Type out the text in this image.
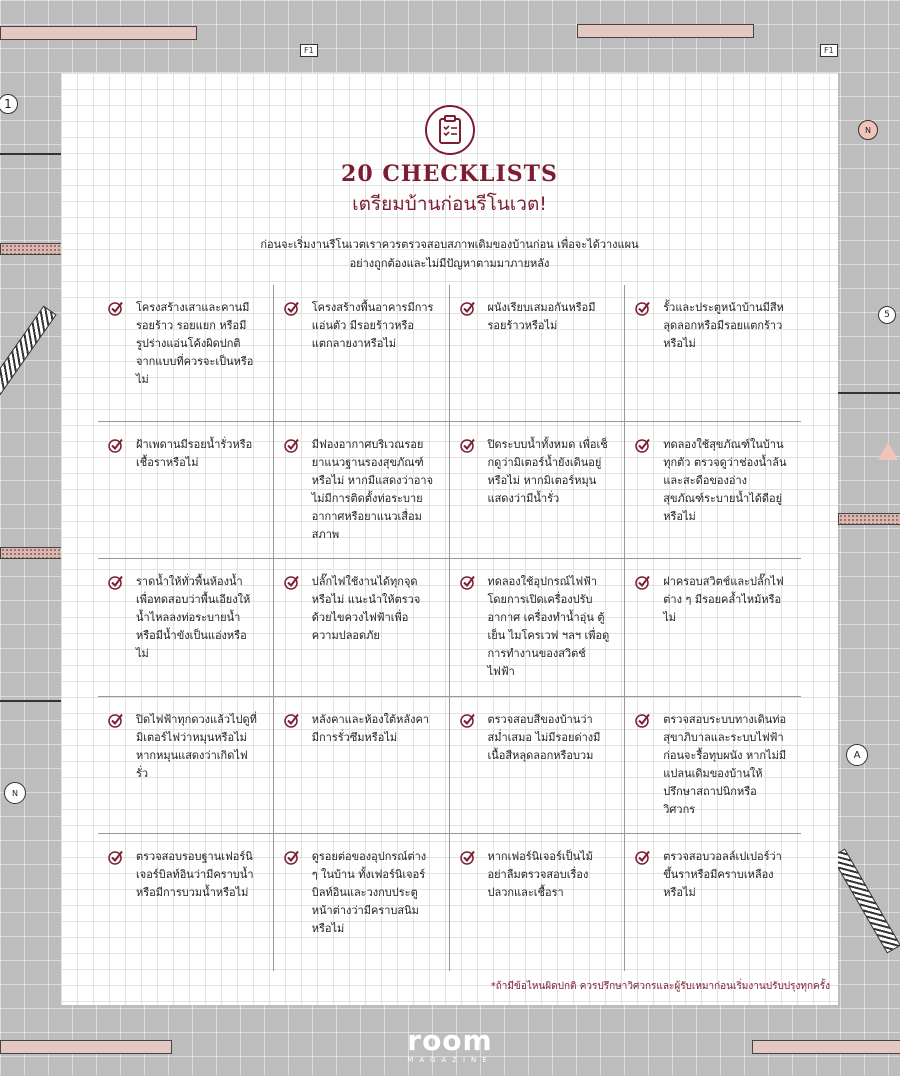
F1	F1
1
5
A
N
N
20 CHECKLISTS
เตรียมบ้านก่อนรีโนเวต!
ก่อนจะเริ่มงานรีโนเวตเราควรตรวจสอบสภาพเดิมของบ้านก่อน เพื่อจะได้วางแผน
อย่างถูกต้องและไม่มีปัญหาตามมาภายหลัง
โครงสร้างเสาและคานมีรอยร้าว รอยแยก หรือมีรูปร่างแอ่นโค้งผิดปกติจากแบบที่ควรจะเป็นหรือไม่
โครงสร้างพื้นอาคารมีการแอ่นตัว มีรอยร้าวหรือแตกลายงาหรือไม่
ผนังเรียบเสมอกันหรือมีรอยร้าวหรือไม่
รั้วและประตูหน้าบ้านมีสีหลุดลอกหรือมีรอยแตกร้าวหรือไม่
ฝ้าเพดานมีรอยน้ำรั่วหรือเชื้อราหรือไม่
มีฟองอากาศบริเวณรอยยาแนวฐานรองสุขภัณฑ์หรือไม่ หากมีแสดงว่าอาจไม่มีการติดตั้งท่อระบายอากาศหรือยาแนวเสื่อมสภาพ
ปิดระบบน้ำทั้งหมด เพื่อเช็กดูว่ามิเตอร์น้ำยังเดินอยู่หรือไม่ หากมิเตอร์หมุนแสดงว่ามีน้ำรั่ว
ทดลองใช้สุขภัณฑ์ในบ้านทุกตัว ตรวจดูว่าช่องน้ำล้นและสะดือของอ่างสุขภัณฑ์ระบายน้ำได้ดีอยู่หรือไม่
ราดน้ำให้ทั่วพื้นห้องน้ำเพื่อทดสอบว่าพื้นเอียงให้น้ำไหลลงท่อระบายน้ำหรือมีน้ำขังเป็นแอ่งหรือไม่
ปลั๊กไฟใช้งานได้ทุกจุดหรือไม่ แนะนำให้ตรวจด้วยไขควงไฟฟ้าเพื่อความปลอดภัย
ทดลองใช้อุปกรณ์ไฟฟ้าโดยการเปิดเครื่องปรับอากาศ เครื่องทำน้ำอุ่น ตู้เย็น ไมโครเวฟ ฯลฯ เพื่อดูการทำงานของสวิตช์ไฟฟ้า
ฝาครอบสวิตช์และปลั๊กไฟต่าง ๆ มีรอยคล้ำไหม้หรือไม่
ปิดไฟฟ้าทุกดวงแล้วไปดูที่มิเตอร์ไฟว่าหมุนหรือไม่ หากหมุนแสดงว่าเกิดไฟรั่ว
หลังคาและห้องใต้หลังคามีการรั่วซึมหรือไม่
ตรวจสอบสีของบ้านว่าสม่ำเสมอ ไม่มีรอยด่างมีเนื้อสีหลุดลอกหรือบวม
ตรวจสอบระบบทางเดินท่อสุขาภิบาลและระบบไฟฟ้าก่อนจะรื้อทุบผนัง หากไม่มีแปลนเดิมของบ้านให้ปรึกษาสถาปนิกหรือวิศวกร
ตรวจสอบรอบฐานเฟอร์นิเจอร์บิลท์อินว่ามีคราบน้ำหรือมีการบวมน้ำหรือไม่
ดูรอยต่อของอุปกรณ์ต่าง ๆ ในบ้าน ทั้งเฟอร์นิเจอร์บิลท์อินและวงกบประตูหน้าต่างว่ามีคราบสนิมหรือไม่
หากเฟอร์นิเจอร์เป็นไม้อย่าลืมตรวจสอบเรื่องปลวกและเชื้อรา
ตรวจสอบวอลล์เปเปอร์ว่าขึ้นราหรือมีคราบเหลืองหรือไม่
*ถ้ามีข้อไหนผิดปกติ ควรปรึกษาวิศวกรและผู้รับเหมาก่อนเริ่มงานปรับปรุงทุกครั้ง
room
MAGAZINE
